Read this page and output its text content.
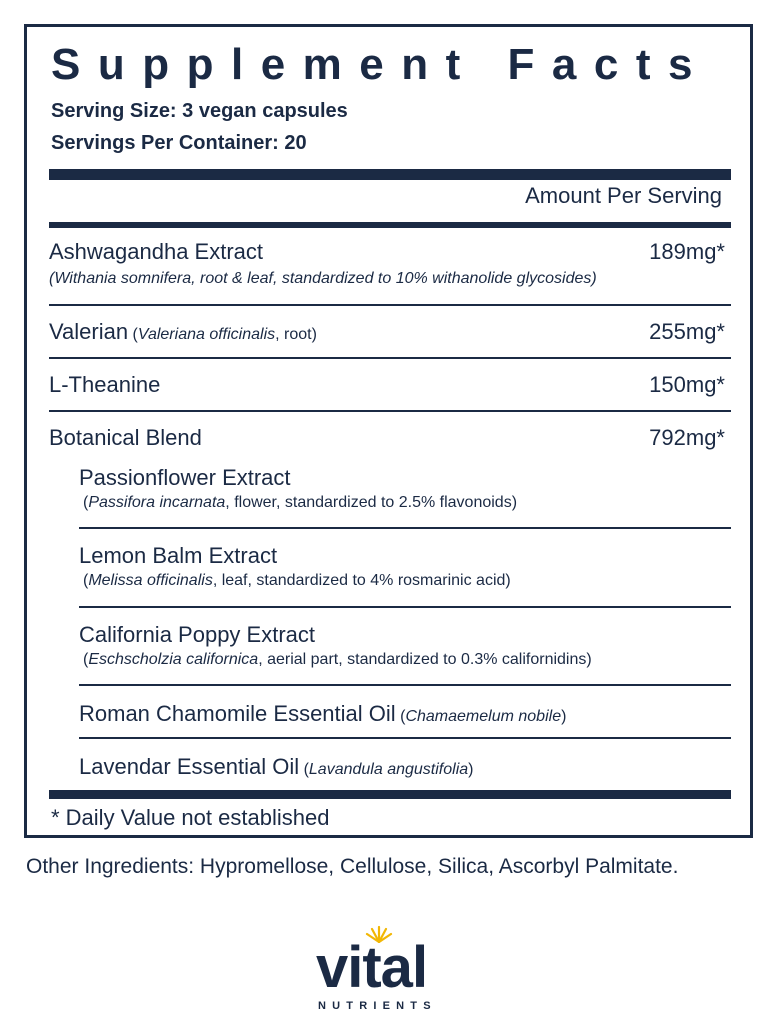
Supplement Facts
Serving Size: 3 vegan capsules
Servings Per Container: 20
Amount Per Serving
Ashwagandha Extract	189mg*
(Withania somnifera, root & leaf, standardized to 10% withanolide glycosides)
Valerian (Valeriana officinalis, root)	255mg*
L-Theanine	150mg*
Botanical Blend	792mg*
Passionflower Extract
(Passifora incarnata, flower, standardized to 2.5% flavonoids)
Lemon Balm Extract
(Melissa officinalis, leaf, standardized to 4% rosmarinic acid)
California Poppy Extract
(Eschscholzia californica, aerial part, standardized to 0.3% californidins)
Roman Chamomile Essential Oil (Chamaemelum nobile)
Lavendar Essential Oil (Lavandula angustifolia)
* Daily Value not established
Other Ingredients: Hypromellose, Cellulose, Silica, Ascorbyl Palmitate.
vital
NUTRIENTS
